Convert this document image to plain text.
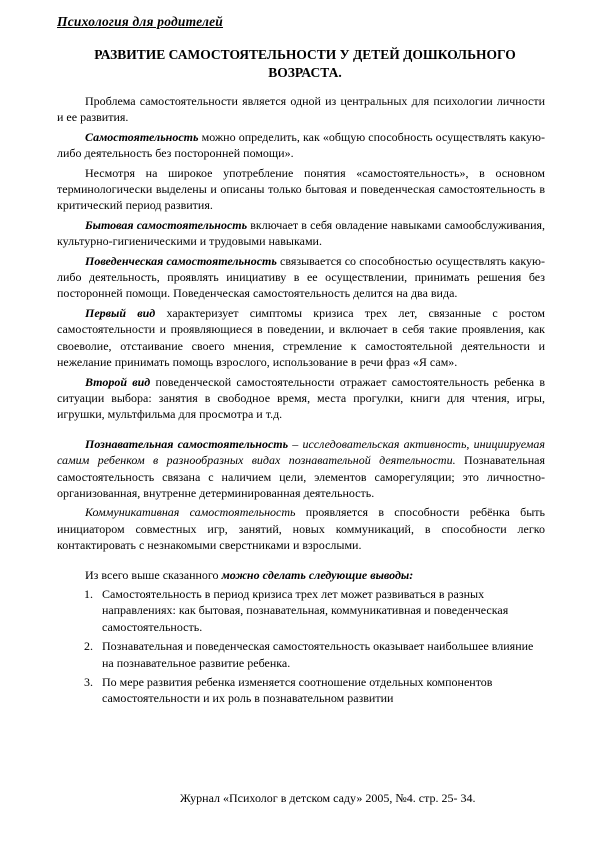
Психология для родителей
РАЗВИТИЕ САМОСТОЯТЕЛЬНОСТИ У ДЕТЕЙ ДОШКОЛЬНОГО ВОЗРАСТА.

Проблема самостоятельности является одной из центральных для психологии личности и ее развития.

Самостоятельность можно определить, как «общую способность осуществлять какую-либо деятельность без посторонней помощи».

Несмотря на широкое употребление понятия «самостоятельность», в основном терминологически выделены и описаны только бытовая и поведенческая самостоятельность в критический период развития.

Бытовая самостоятельность включает в себя овладение навыками самообслуживания, культурно-гигиеническими и трудовыми навыками.

Поведенческая самостоятельность связывается со способностью осуществлять какую- либо деятельность, проявлять инициативу в ее осуществлении, принимать решения без посторонней помощи. Поведенческая самостоятельность делится на два вида.

Первый вид характеризует симптомы кризиса трех лет, связанные с ростом самостоятельности и проявляющиеся в поведении, и включает в себя такие проявления, как своеволие, отстаивание своего мнения, стремление к самостоятельной деятельности и нежелание принимать помощь взрослого, использование в речи фраз «Я сам».

Второй вид поведенческой самостоятельности отражает самостоятельность ребенка в ситуации выбора: занятия в свободное время, места прогулки, книги для чтения, игры, игрушки, мультфильма для просмотра и т.д.

Познавательная самостоятельность – исследовательская активность, инициируемая самим ребенком в разнообразных видах познавательной деятельности. Познавательная самостоятельность связана с наличием цели, элементов саморегуляции; это личностно-организованная, внутренне детерминированная деятельность.

Коммуникативная самостоятельность проявляется в способности ребёнка быть инициатором совместных игр, занятий, новых коммуникаций, в способности легко контактировать с незнакомыми сверстниками и взрослыми.

Из всего выше сказанного можно сделать следующие выводы:

1. Самостоятельность в период кризиса трех лет может развиваться в разных направлениях: как бытовая, познавательная, коммуникативная и поведенческая самостоятельность.
2. Познавательная и поведенческая самостоятельность оказывает наибольшее влияние на познавательное развитие ребенка.
3. По мере развития ребенка изменяется соотношение отдельных компонентов самостоятельности и их роль в познавательном развитии
Журнал «Психолог в детском саду» 2005, №4. стр. 25- 34.
